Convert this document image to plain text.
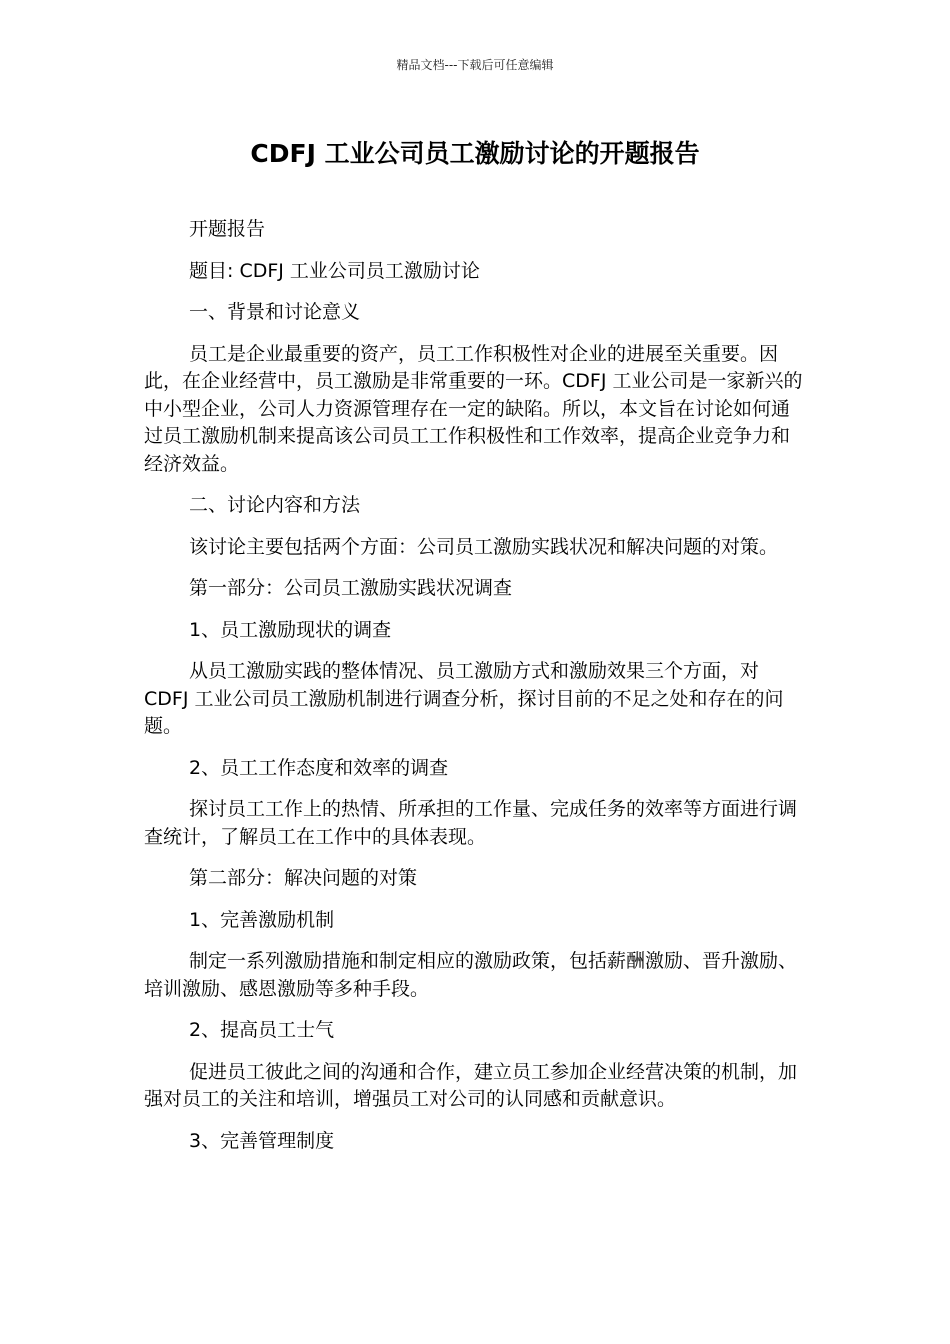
精品文档---下载后可任意编辑
CDFJ 工业公司员工激励讨论的开题报告

开题报告

题目: CDFJ 工业公司员工激励讨论

一、背景和讨论意义

员工是企业最重要的资产，员工工作积极性对企业的进展至关重要。因此，在企业经营中，员工激励是非常重要的一环。CDFJ 工业公司是一家新兴的中小型企业，公司人力资源管理存在一定的缺陷。所以，本文旨在讨论如何通过员工激励机制来提高该公司员工工作积极性和工作效率，提高企业竞争力和经济效益。

二、讨论内容和方法

该讨论主要包括两个方面：公司员工激励实践状况和解决问题的对策。

第一部分：公司员工激励实践状况调查

1、员工激励现状的调查

从员工激励实践的整体情况、员工激励方式和激励效果三个方面，对 CDFJ 工业公司员工激励机制进行调查分析，探讨目前的不足之处和存在的问题。

2、员工工作态度和效率的调查

探讨员工工作上的热情、所承担的工作量、完成任务的效率等方面进行调查统计，了解员工在工作中的具体表现。

第二部分：解决问题的对策

1、完善激励机制

制定一系列激励措施和制定相应的激励政策，包括薪酬激励、晋升激励、培训激励、感恩激励等多种手段。

2、提高员工士气

促进员工彼此之间的沟通和合作，建立员工参加企业经营决策的机制，加强对员工的关注和培训，增强员工对公司的认同感和贡献意识。

3、完善管理制度
